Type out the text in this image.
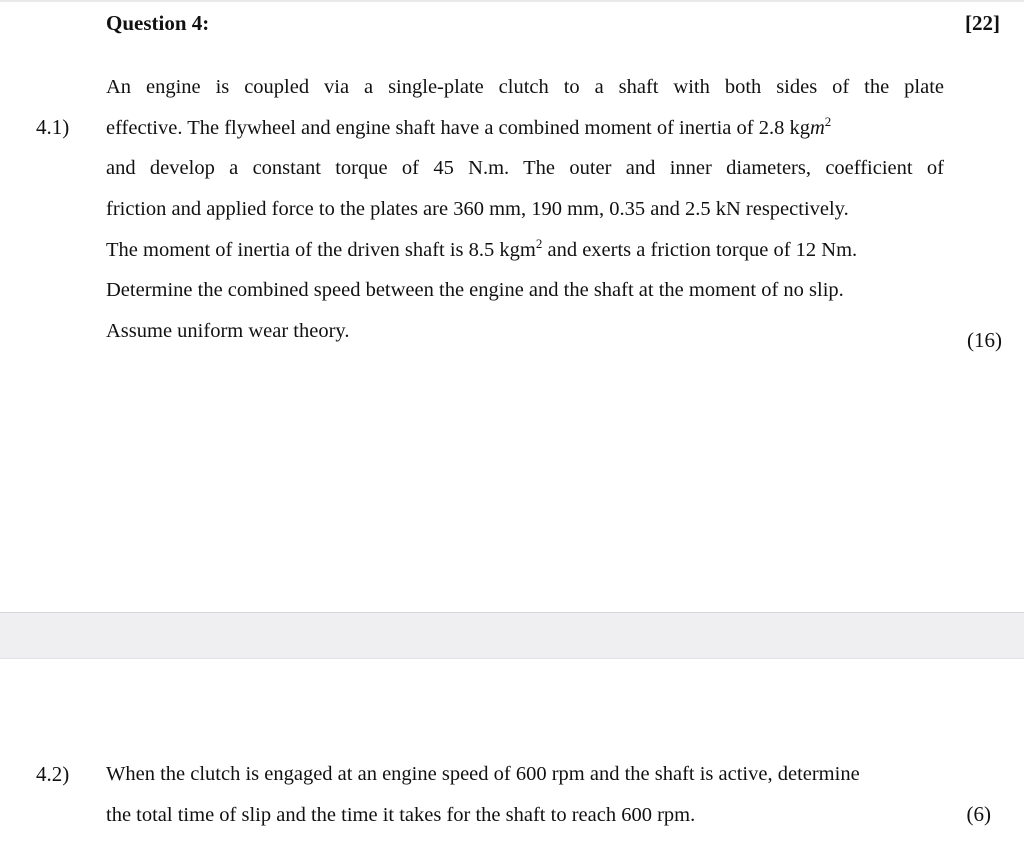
Question 4:	[22]
4.1)
An engine is coupled via a single-plate clutch to a shaft with both sides of the plate
effective. The flywheel and engine shaft have a combined moment of inertia of 2.8 kgm$^2$
and develop a constant torque of 45 N.m. The outer and inner diameters, coefficient of
friction and applied force to the plates are 360 mm, 190 mm, 0.35 and 2.5 kN respectively.
The moment of inertia of the driven shaft is 8.5 kgm$^2$ and exerts a friction torque of 12 Nm.
Determine the combined speed between the engine and the shaft at the moment of no slip.
Assume uniform wear theory.	(16)
4.2) When the clutch is engaged at an engine speed of 600 rpm and the shaft is active, determine
the total time of slip and the time it takes for the shaft to reach 600 rpm.	(6)
